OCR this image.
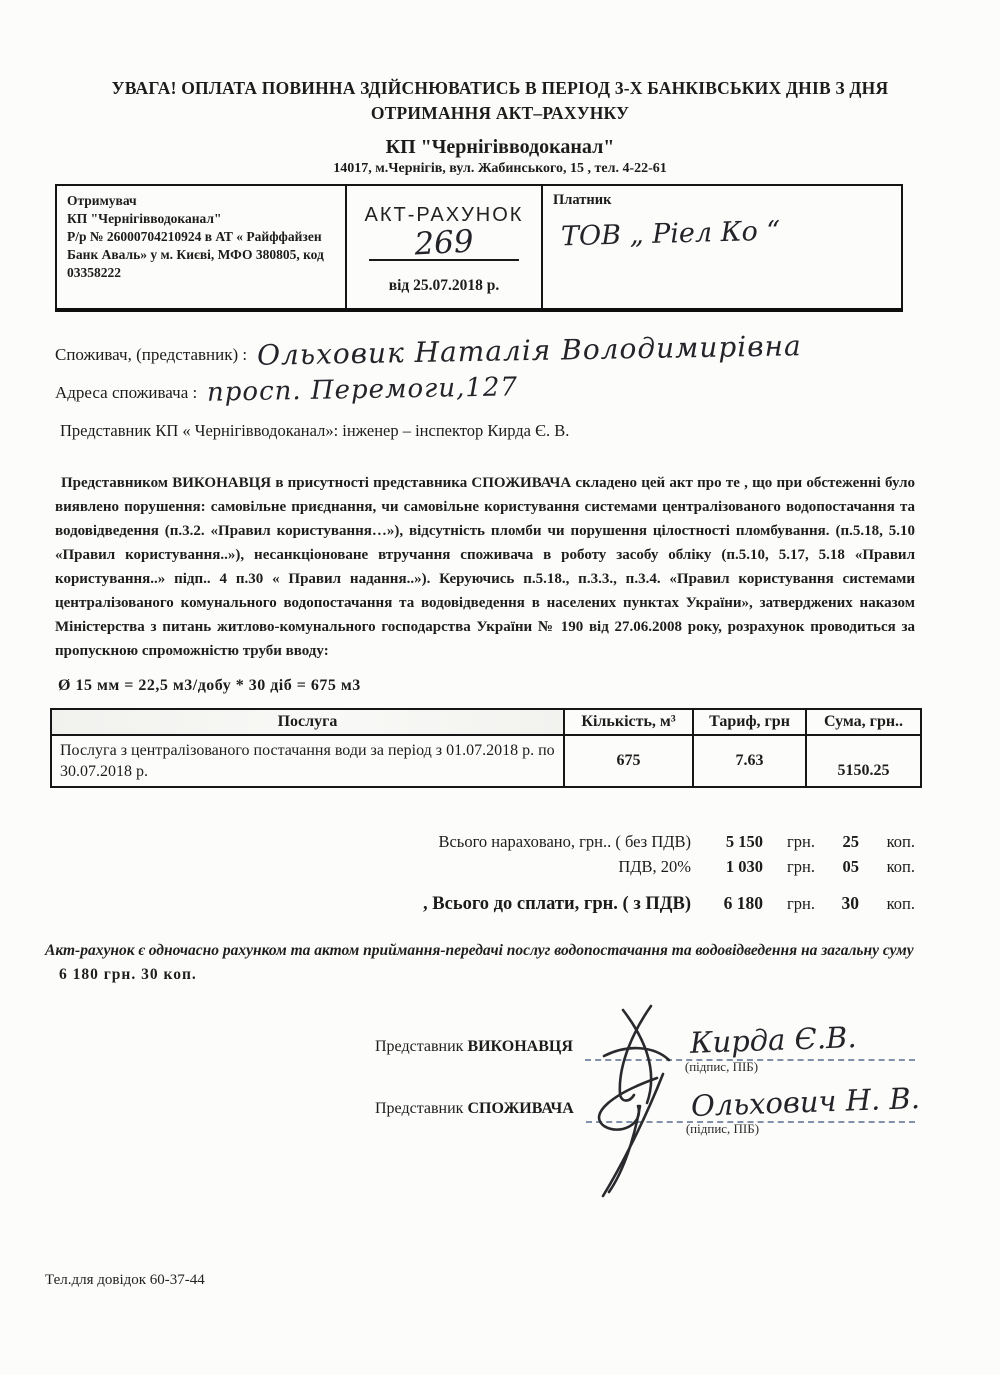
УВАГА! ОПЛАТА ПОВИННА ЗДІЙСНЮВАТИСЬ В ПЕРІОД 3-Х БАНКІВСЬКИХ ДНІВ З ДНЯ ОТРИМАННЯ АКТ–РАХУНКУ
КП "Чернігівводоканал"
14017, м.Чернігів, вул. Жабинського, 15 , тел. 4-22-61
Отримувач
КП "Чернігівводоканал"
Р/р № 26000704210924 в АТ « Райффайзен Банк Аваль» у м. Києві, МФО 380805, код 03358222

АКТ-РАХУНОК
269
від 25.07.2018 р.

Платник
ТОВ „ Ріел Ко “
Споживач, (представник) : Ольховик Наталія Володимирівна
Адреса споживача : просп. Перемоги,127
Представник КП « Чернігівводоканал»: інженер – інспектор Кирда Є. В.
Представником ВИКОНАВЦЯ в присутності представника СПОЖИВАЧА складено цей акт про те , що при обстеженні було виявлено порушення: самовільне приєднання, чи самовільне користування системами централізованого водопостачання та водовідведення (п.3.2. «Правил користування…»), відсутність пломби чи порушення цілостності пломбування. (п.5.18, 5.10 «Правил користування..»), несанкціоноване втручання споживача в роботу засобу обліку (п.5.10, 5.17, 5.18 «Правил користування..» підп.. 4 п.30 « Правил надання..»). Керуючись п.5.18., п.3.3., п.3.4. «Правил користування системами централізованого комунального водопостачання та водовідведення в населених пунктах України», затверджених наказом Міністерства з питань житлово-комунального господарства України № 190 від 27.06.2008 року, розрахунок проводиться за пропускною спроможністю труби вводу:
Ø 15 мм = 22,5 м3/добу * 30 діб = 675 м3
Послуга	Кількість, м³	Тариф, грн	Сума, грн..
Послуга з централізованого постачання води за період з 01.07.2018 р. по 30.07.2018 р.	675	7.63	5150.25
Всього нараховано, грн.. ( без ПДВ)	5 150	грн.	25	коп.
ПДВ, 20%	1 030	грн.	05	коп.
, Всього до сплати, грн. ( з ПДВ)	6 180	грн.	30	коп.
Акт-рахунок є одночасно рахунком та актом приймання-передачі послуг водопостачання та водовідведення на загальну суму 6 180 грн. 30 коп.
Представник ВИКОНАВЦЯ	Кирда Є.В.
(підпис, ПІБ)
Представник СПОЖИВАЧА	Ольхович Н. В.
(підпис, ПІБ)
Тел.для довідок 60-37-44
